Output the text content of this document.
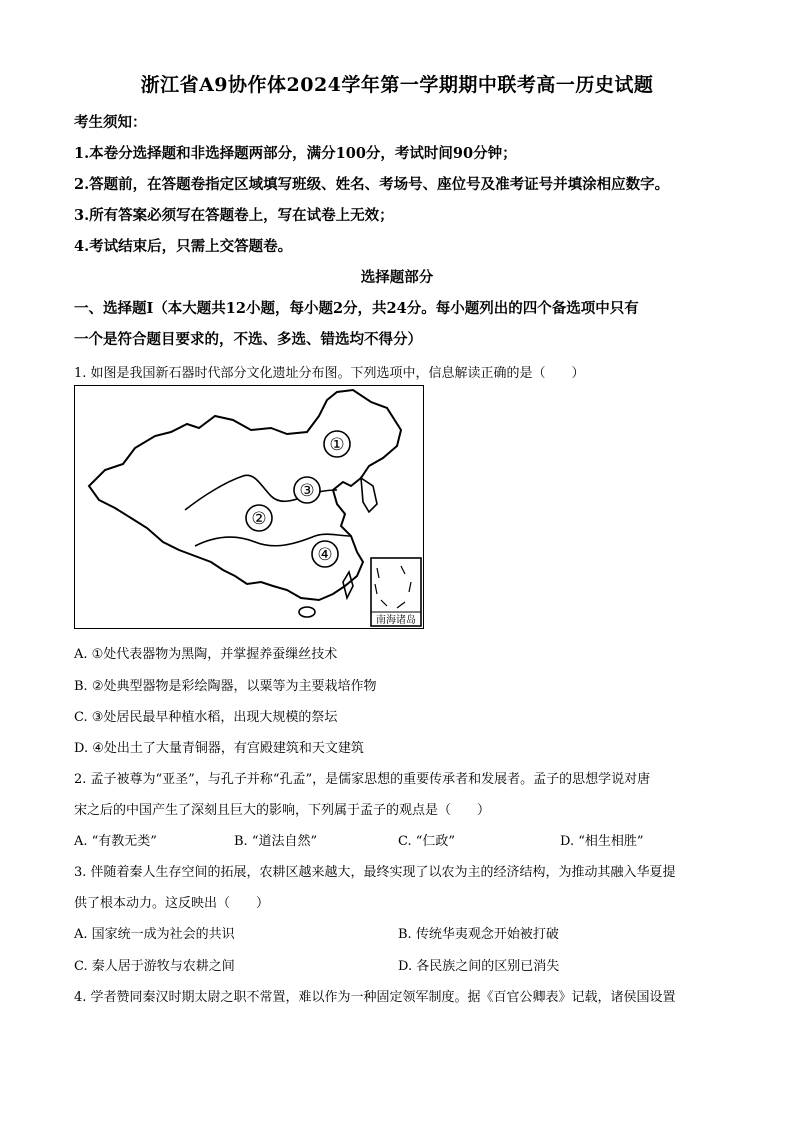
浙江省A9协作体2024学年第一学期期中联考高一历史试题
考生须知：
1.本卷分选择题和非选择题两部分，满分100分，考试时间90分钟；
2.答题前，在答题卷指定区域填写班级、姓名、考场号、座位号及准考证号并填涂相应数字。
3.所有答案必须写在答题卷上，写在试卷上无效；
4.考试结束后，只需上交答题卷。
选择题部分
一、选择题Ⅰ（本大题共12小题，每小题2分，共24分。每小题列出的四个备选项中只有
一个是符合题目要求的，不选、多选、错选均不得分）
1. 如图是我国新石器时代部分文化遗址分布图。下列选项中，信息解读正确的是（　　）
①
②
③
④
南海诸岛
A. ①处代表器物为黑陶，并掌握养蚕缫丝技术
B. ②处典型器物是彩绘陶器，以粟等为主要栽培作物
C. ③处居民最早种植水稻，出现大规模的祭坛
D. ④处出土了大量青铜器，有宫殿建筑和天文建筑
2. 孟子被尊为“亚圣”，与孔子并称“孔孟”，是儒家思想的重要传承者和发展者。孟子的思想学说对唐
宋之后的中国产生了深刻且巨大的影响，下列属于孟子的观点是（　　）
A. “有教无类”	B. “道法自然”	C. “仁政”	D. “相生相胜”
3. 伴随着秦人生存空间的拓展，农耕区越来越大，最终实现了以农为主的经济结构，为推动其融入华夏提
供了根本动力。这反映出（　　）
A. 国家统一成为社会的共识	B. 传统华夷观念开始被打破
C. 秦人居于游牧与农耕之间	D. 各民族之间的区别已消失
4. 学者赞同秦汉时期太尉之职不常置，难以作为一种固定领军制度。据《百官公卿表》记载，诸侯国设置
